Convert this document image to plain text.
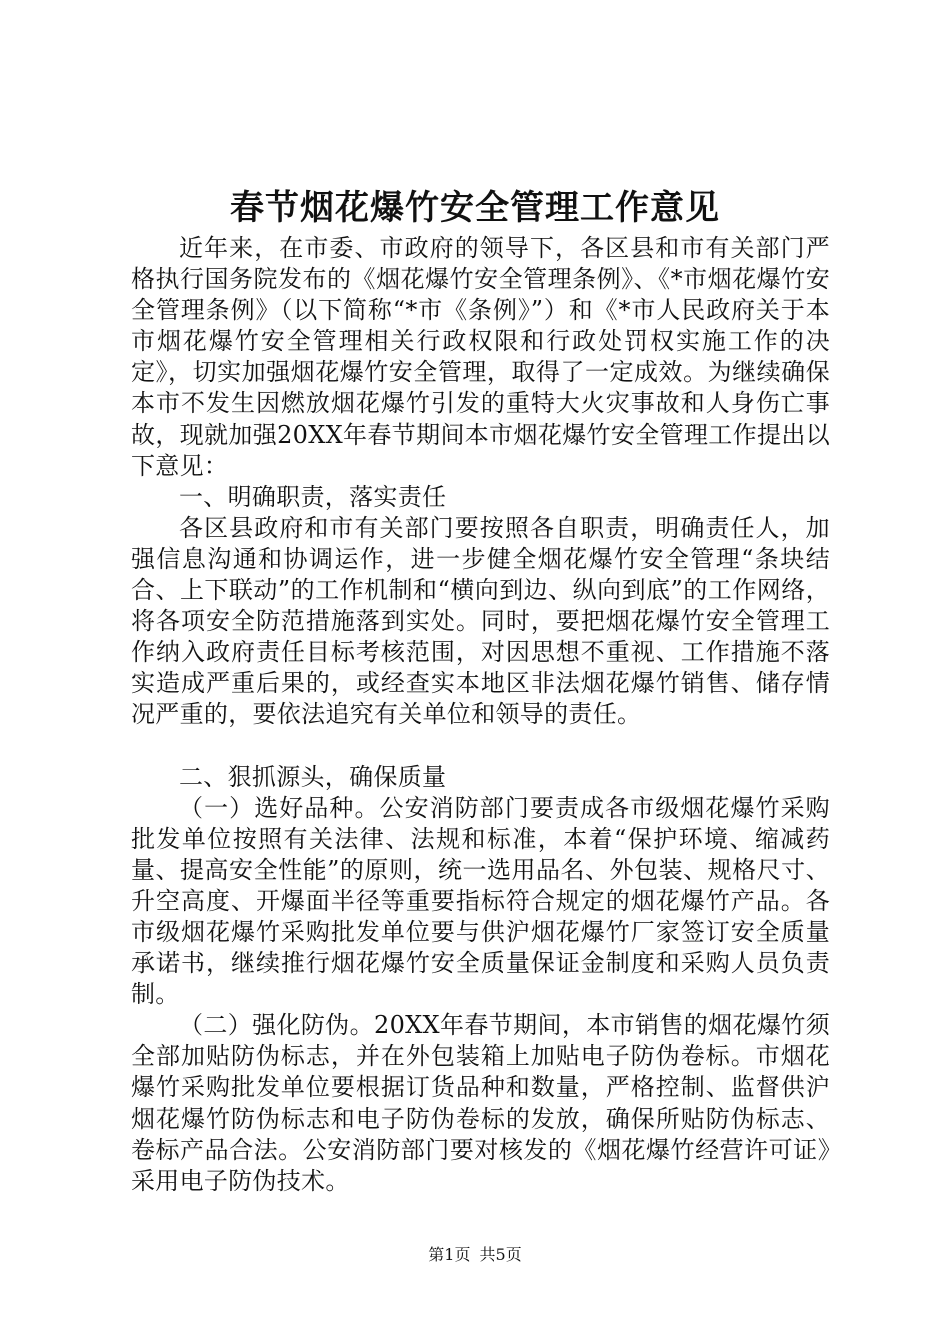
春节烟花爆竹安全管理工作意见

近年来，在市委、市政府的领导下，各区县和市有关部门严格执行国务院发布的《烟花爆竹安全管理条例》、《*市烟花爆竹安全管理条例》（以下简称“*市《条例》”）和《*市人民政府关于本市烟花爆竹安全管理相关行政权限和行政处罚权实施工作的决定》，切实加强烟花爆竹安全管理，取得了一定成效。为继续确保本市不发生因燃放烟花爆竹引发的重特大火灾事故和人身伤亡事故，现就加强20XX年春节期间本市烟花爆竹安全管理工作提出以下意见：

一、明确职责，落实责任

各区县政府和市有关部门要按照各自职责，明确责任人，加强信息沟通和协调运作，进一步健全烟花爆竹安全管理“条块结合、上下联动”的工作机制和“横向到边、纵向到底”的工作网络，将各项安全防范措施落到实处。同时，要把烟花爆竹安全管理工作纳入政府责任目标考核范围，对因思想不重视、工作措施不落实造成严重后果的，或经查实本地区非法烟花爆竹销售、储存情况严重的，要依法追究有关单位和领导的责任。

二、狠抓源头，确保质量

（一）选好品种。公安消防部门要责成各市级烟花爆竹采购批发单位按照有关法律、法规和标准，本着“保护环境、缩减药量、提高安全性能”的原则，统一选用品名、外包装、规格尺寸、升空高度、开爆面半径等重要指标符合规定的烟花爆竹产品。各市级烟花爆竹采购批发单位要与供沪烟花爆竹厂家签订安全质量承诺书，继续推行烟花爆竹安全质量保证金制度和采购人员负责制。

（二）强化防伪。20XX年春节期间，本市销售的烟花爆竹须全部加贴防伪标志，并在外包装箱上加贴电子防伪卷标。市烟花爆竹采购批发单位要根据订货品种和数量，严格控制、监督供沪烟花爆竹防伪标志和电子防伪卷标的发放，确保所贴防伪标志、卷标产品合法。公安消防部门要对核发的《烟花爆竹经营许可证》采用电子防伪技术。

第1页 共5页
